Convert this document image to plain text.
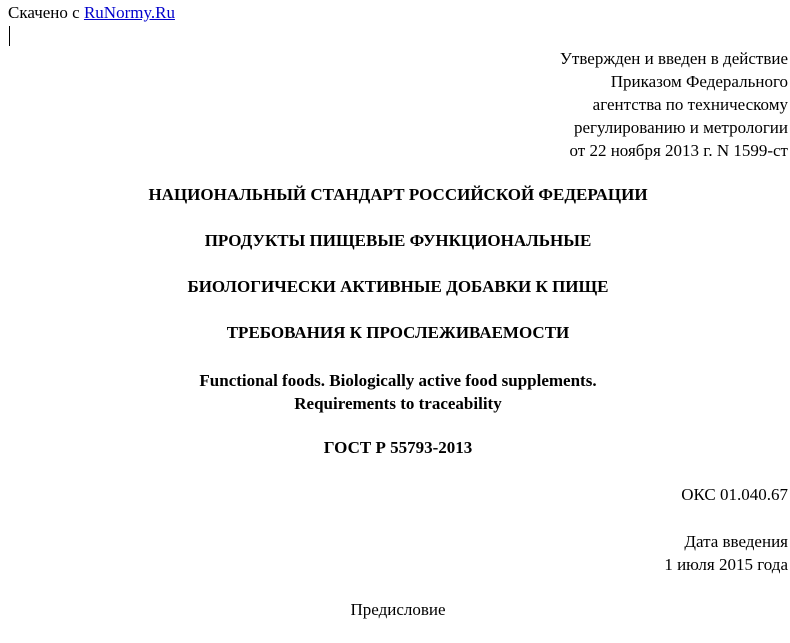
Скачено с RuNormy.Ru
Утвержден и введен в действие
Приказом Федерального
агентства по техническому
регулированию и метрологии
от 22 ноября 2013 г. N 1599-ст
НАЦИОНАЛЬНЫЙ СТАНДАРТ РОССИЙСКОЙ ФЕДЕРАЦИИ
ПРОДУКТЫ ПИЩЕВЫЕ ФУНКЦИОНАЛЬНЫЕ
БИОЛОГИЧЕСКИ АКТИВНЫЕ ДОБАВКИ К ПИЩЕ
ТРЕБОВАНИЯ К ПРОСЛЕЖИВАЕМОСТИ
Functional foods. Biologically active food supplements.
Requirements to traceability
ГОСТ Р 55793-2013
ОКС 01.040.67
Дата введения
1 июля 2015 года
Предисловие
